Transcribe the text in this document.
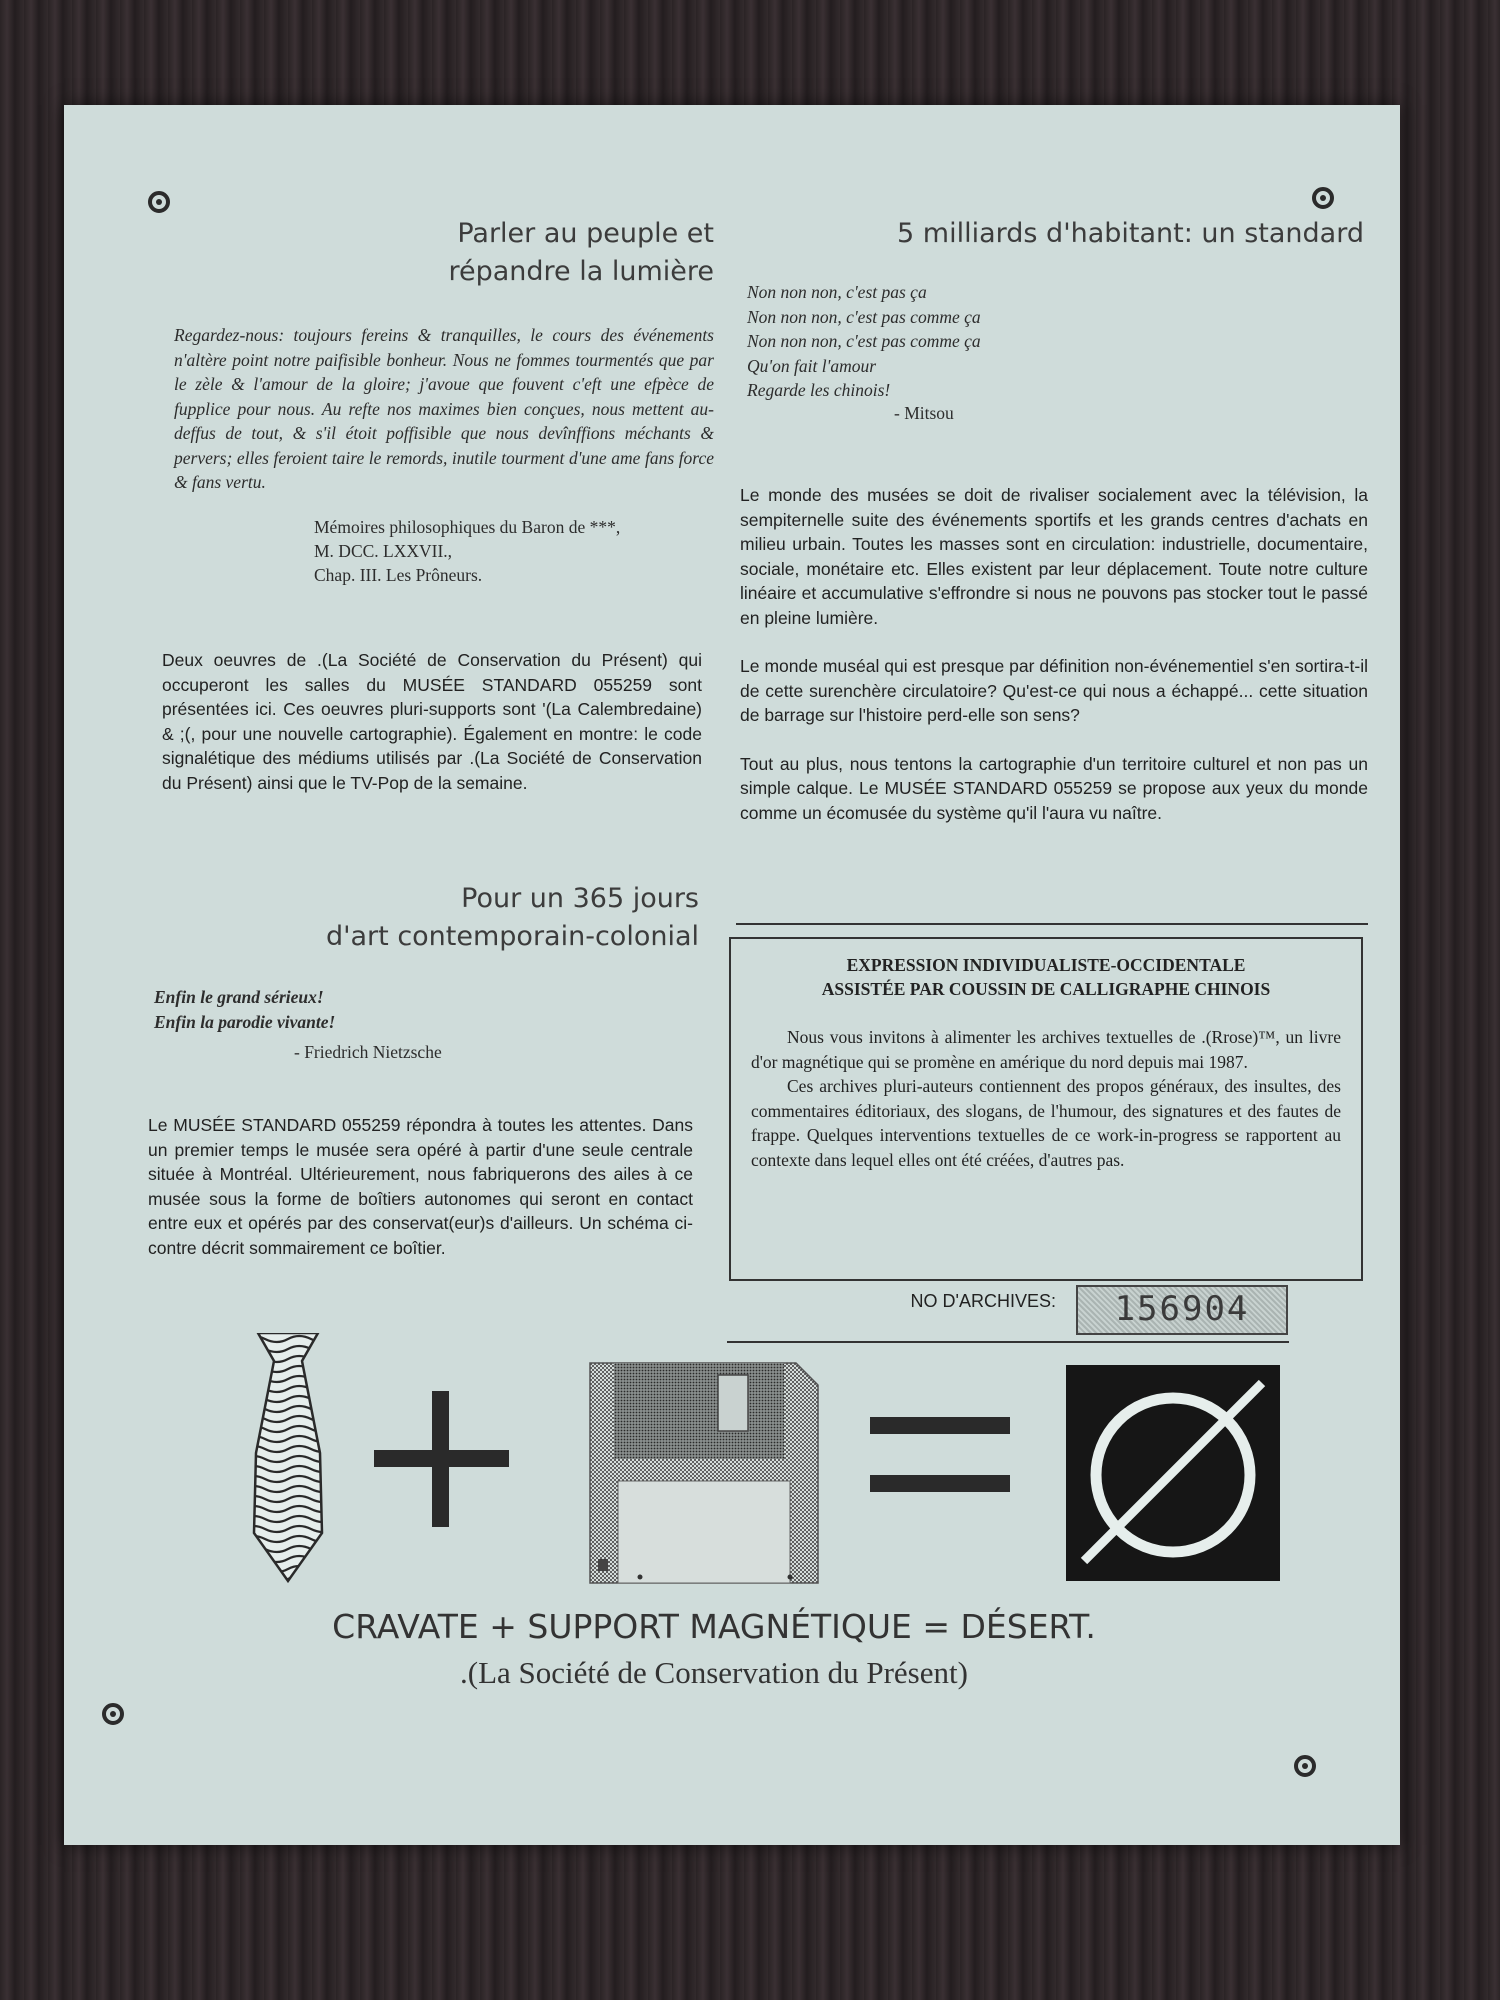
Parler au peuple et
répandre la lumière
Regardez-nous: toujours fereins & tranquilles, le cours des événements n'altère point notre paifisible bonheur. Nous ne fommes tourmentés que par le zèle & l'amour de la gloire; j'avoue que fouvent c'eft une efpèce de fupplice pour nous. Au refte nos maximes bien conçues, nous mettent au-deffus de tout, & s'il étoit poffisible que nous devînffions méchants & pervers; elles feroient taire le remords, inutile tourment d'une ame fans force & fans vertu.
Mémoires philosophiques du Baron de ***,
M. DCC. LXXVII.,
Chap. III. Les Prôneurs.
Deux oeuvres de .(La Société de Conservation du Présent) qui occuperont les salles du MUSÉE STANDARD 055259 sont présentées ici. Ces oeuvres pluri-supports sont '(La Calembredaine) & ;(, pour une nouvelle cartographie). Également en montre: le code signalétique des médiums utilisés par .(La Société de Conservation du Présent) ainsi que le TV-Pop de la semaine.
Pour un 365 jours
d'art contemporain-colonial
Enfin le grand sérieux!
Enfin la parodie vivante!
- Friedrich Nietzsche
Le MUSÉE STANDARD 055259 répondra à toutes les attentes. Dans un premier temps le musée sera opéré à partir d'une seule centrale située à Montréal. Ultérieurement, nous fabriquerons des ailes à ce musée sous la forme de boîtiers autonomes qui seront en contact entre eux et opérés par des conservat(eur)s d'ailleurs. Un schéma ci-contre décrit sommairement ce boîtier.
5 milliards d'habitant: un standard
Non non non, c'est pas ça
Non non non, c'est pas comme ça
Non non non, c'est pas comme ça
Qu'on fait l'amour
Regarde les chinois!
- Mitsou

Le monde des musées se doit de rivaliser socialement avec la télévision, la sempiternelle suite des événements sportifs et les grands centres d'achats en milieu urbain. Toutes les masses sont en circulation: industrielle, documentaire, sociale, monétaire etc. Elles existent par leur déplacement. Toute notre culture linéaire et accumulative s'effrondre si nous ne pouvons pas stocker tout le passé en pleine lumière.

Le monde muséal qui est presque par définition non-événementiel s'en sortira-t-il de cette surenchère circulatoire? Qu'est-ce qui nous a échappé... cette situation de barrage sur l'histoire perd-elle son sens?

Tout au plus, nous tentons la cartographie d'un territoire culturel et non pas un simple calque. Le MUSÉE STANDARD 055259 se propose aux yeux du monde comme un écomusée du système qu'il l'aura vu naître.

EXPRESSION INDIVIDUALISTE-OCCIDENTALE
ASSISTÉE PAR COUSSIN DE CALLIGRAPHE CHINOIS

Nous vous invitons à alimenter les archives textuelles de .(Rrose)™, un livre d'or magnétique qui se promène en amérique du nord depuis mai 1987.

Ces archives pluri-auteurs contiennent des propos généraux, des insultes, des commentaires éditoriaux, des slogans, de l'humour, des signatures et des fautes de frappe. Quelques interventions textuelles de ce work-in-progress se rapportent au contexte dans lequel elles ont été créées, d'autres pas.

NO D'ARCHIVES:	156904
CRAVATE + SUPPORT MAGNÉTIQUE = DÉSERT.
.(La Société de Conservation du Présent)
